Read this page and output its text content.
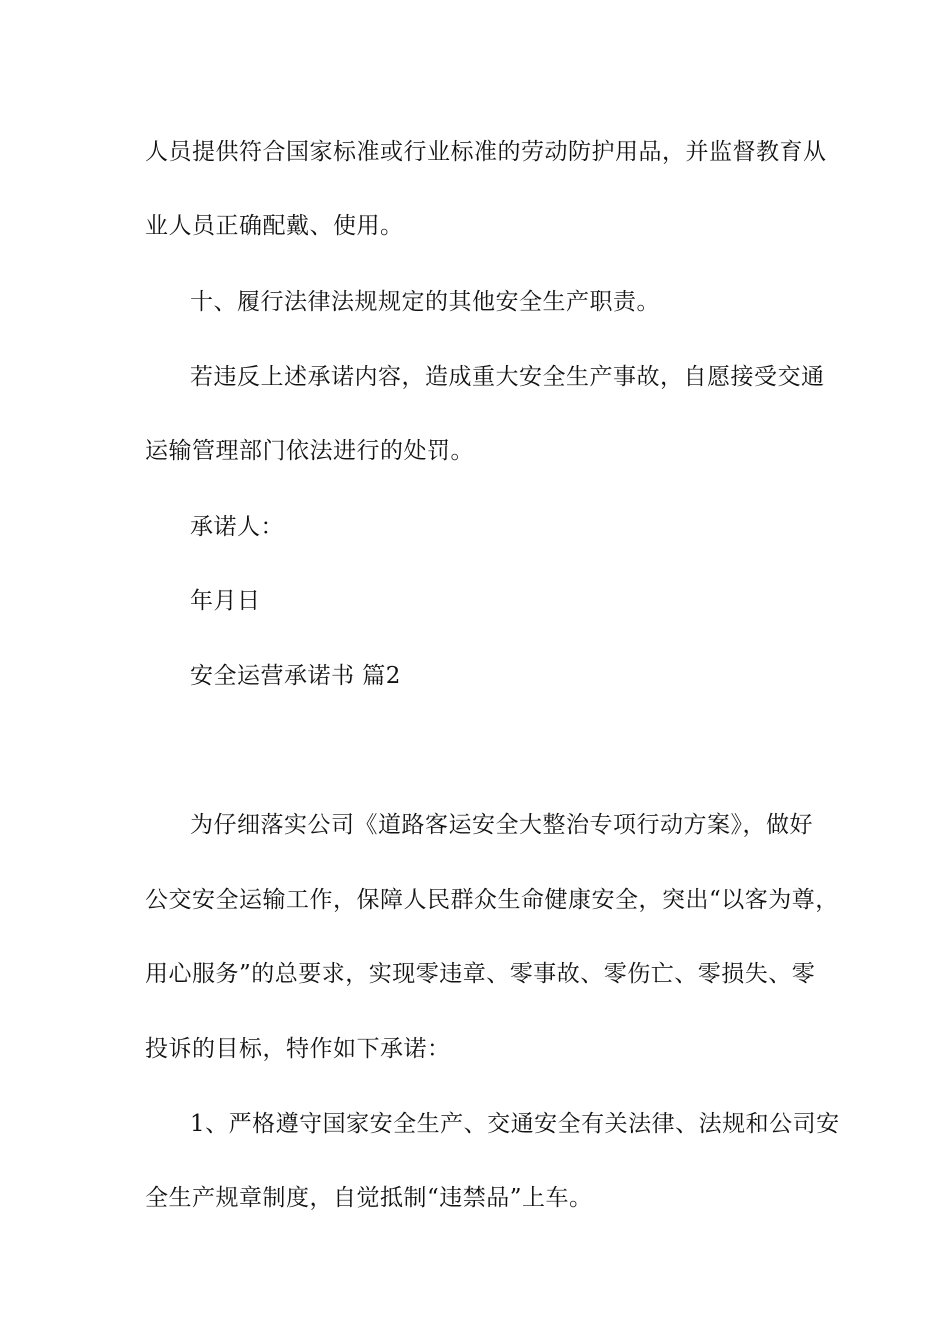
人员提供符合国家标准或行业标准的劳动防护用品，并监督教育从
业人员正确配戴、使用。
十、履行法律法规规定的其他安全生产职责。
若违反上述承诺内容，造成重大安全生产事故，自愿接受交通
运输管理部门依法进行的处罚。
承诺人：
年月日
安全运营承诺书 篇2
为仔细落实公司《道路客运安全大整治专项行动方案》，做好
公交安全运输工作，保障人民群众生命健康安全，突出“以客为尊，
用心服务”的总要求，实现零违章、零事故、零伤亡、零损失、零
投诉的目标，特作如下承诺：
1、严格遵守国家安全生产、交通安全有关法律、法规和公司安
全生产规章制度，自觉抵制“违禁品”上车。
